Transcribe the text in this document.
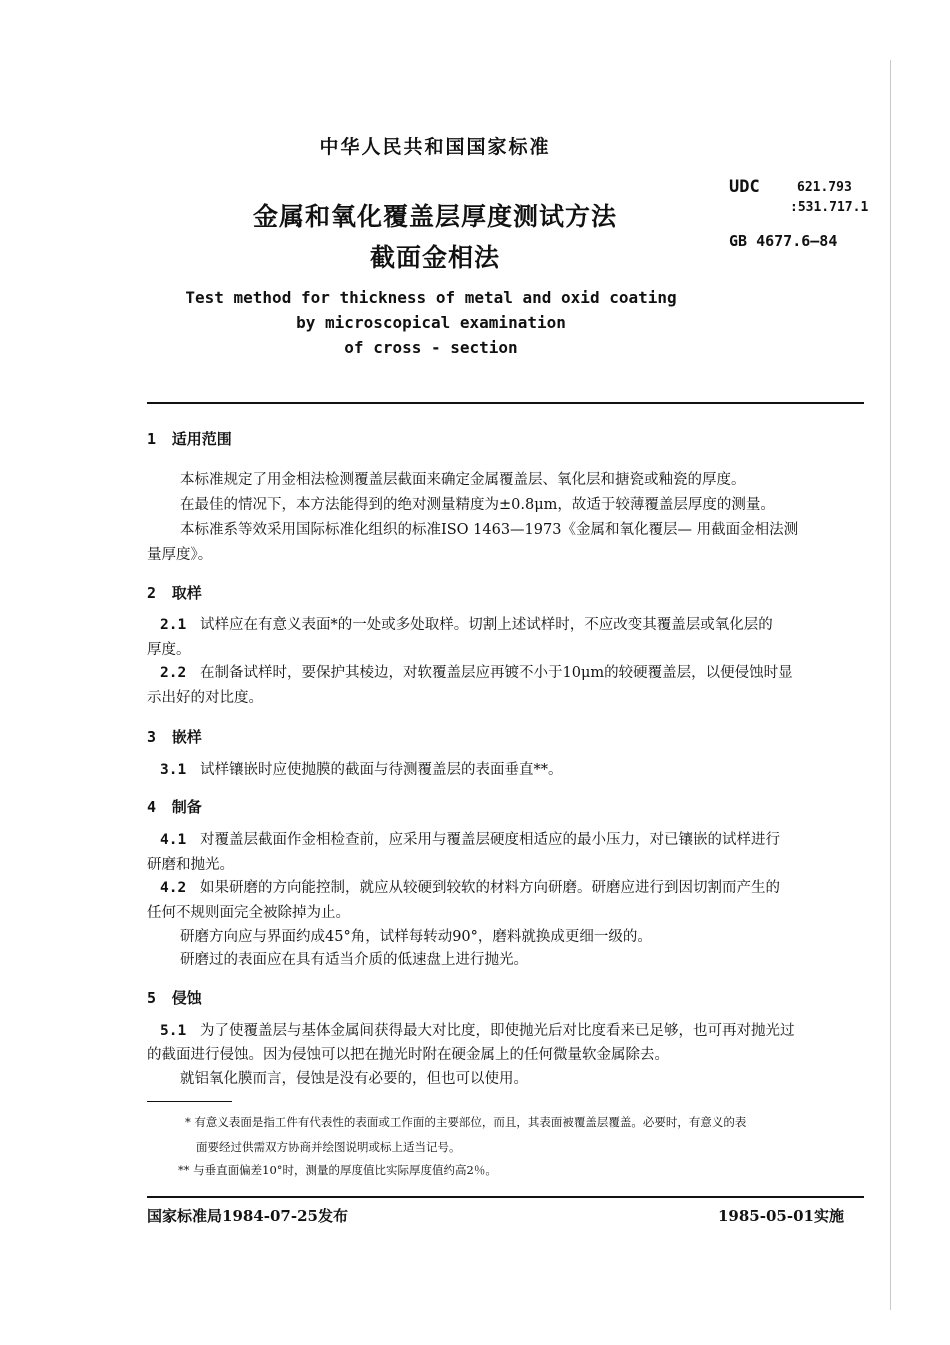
中华人民共和国国家标准
金属和氧化覆盖层厚度测试方法
截面金相法
UDC	621.793
:531.717.1
GB 4677.6—84
Test method for thickness of metal and oxid coating
by microscopical examination
of cross - section
1 适用范围
本标准规定了用金相法检测覆盖层截面来确定金属覆盖层、氧化层和搪瓷或釉瓷的厚度。
在最佳的情况下，本方法能得到的绝对测量精度为±0.8μm，故适于较薄覆盖层厚度的测量。
本标准系等效采用国际标准化组织的标准ISO 1463—1973《金属和氧化覆层— 用截面金相法测
量厚度》。
2 取样
2.1 试样应在有意义表面*的一处或多处取样。切割上述试样时，不应改变其覆盖层或氧化层的
厚度。
2.2 在制备试样时，要保护其棱边，对软覆盖层应再镀不小于10μm的较硬覆盖层，以便侵蚀时显
示出好的对比度。
3 嵌样
3.1 试样镶嵌时应使抛膜的截面与待测覆盖层的表面垂直**。
4 制备
4.1 对覆盖层截面作金相检查前，应采用与覆盖层硬度相适应的最小压力，对已镶嵌的试样进行
研磨和抛光。
4.2 如果研磨的方向能控制，就应从较硬到较软的材料方向研磨。研磨应进行到因切割而产生的
任何不规则面完全被除掉为止。
研磨方向应与界面约成45°角，试样每转动90°，磨料就换成更细一级的。
研磨过的表面应在具有适当介质的低速盘上进行抛光。
5 侵蚀
5.1 为了使覆盖层与基体金属间获得最大对比度，即使抛光后对比度看来已足够，也可再对抛光过
的截面进行侵蚀。因为侵蚀可以把在抛光时附在硬金属上的任何微量软金属除去。
就铝氧化膜而言，侵蚀是没有必要的，但也可以使用。
* 有意义表面是指工件有代表性的表面或工作面的主要部位，而且，其表面被覆盖层覆盖。必要时，有意义的表
面要经过供需双方协商并绘图说明或标上适当记号。
** 与垂直面偏差10°时，测量的厚度值比实际厚度值约高2％。
国家标准局1984-07-25发布	1985-05-01实施
